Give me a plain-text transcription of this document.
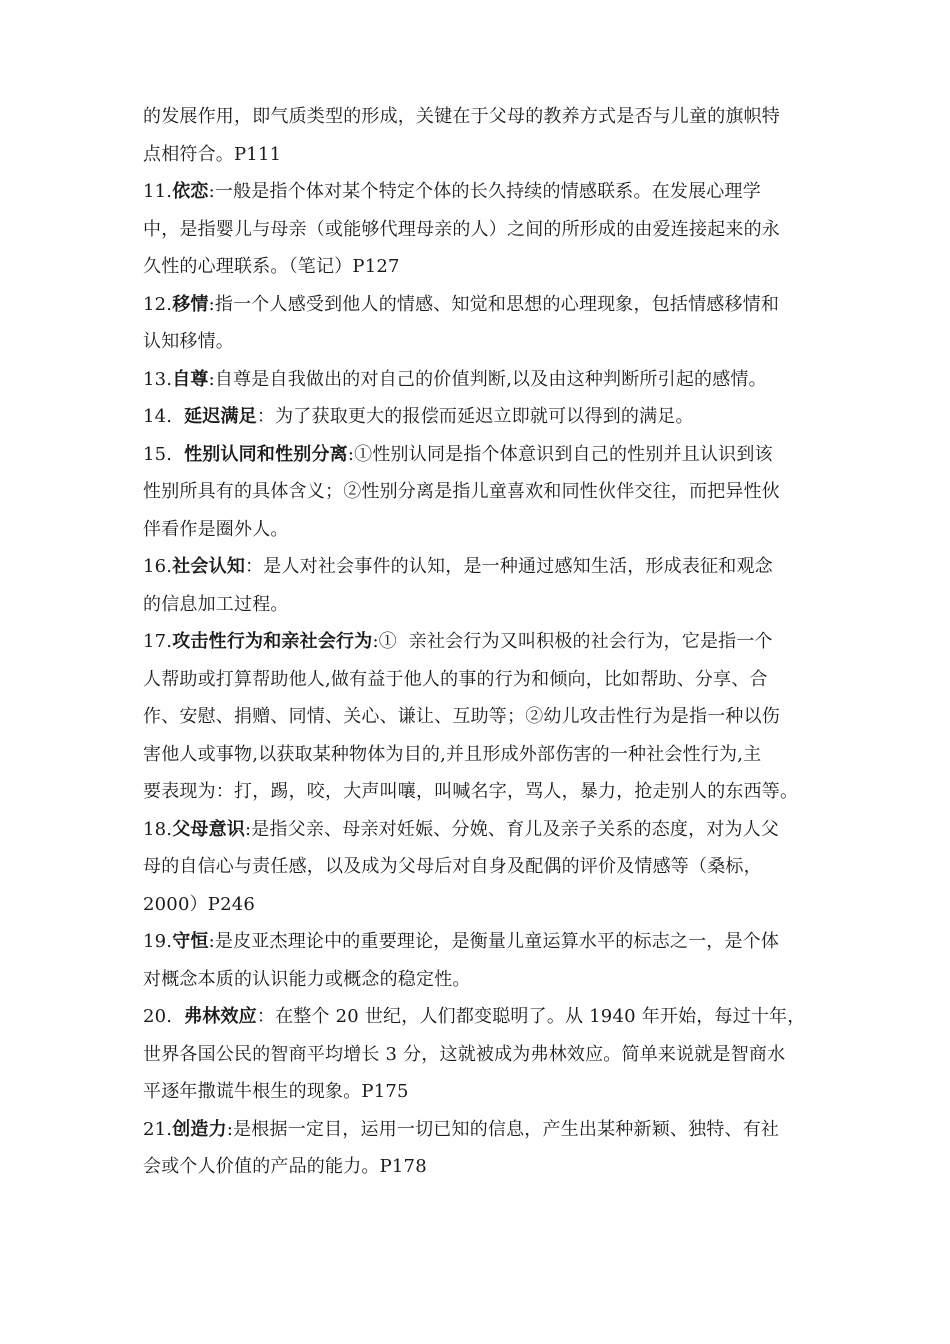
的发展作用，即气质类型的形成，关键在于父母的教养方式是否与儿童的旗帜特
点相符合。P111
11.依恋:一般是指个体对某个特定个体的长久持续的情感联系。在发展心理学
中，是指婴儿与母亲（或能够代理母亲的人）之间的所形成的由爱连接起来的永
久性的心理联系。（笔记）P127
12.移情:指一个人感受到他人的情感、知觉和思想的心理现象，包括情感移情和
认知移情。
13.自尊:自尊是自我做出的对自己的价值判断,以及由这种判断所引起的感情。
14.  延迟满足：为了获取更大的报偿而延迟立即就可以得到的满足。
15.  性别认同和性别分离:①性别认同是指个体意识到自己的性别并且认识到该
性别所具有的具体含义；②性别分离是指儿童喜欢和同性伙伴交往，而把异性伙
伴看作是圈外人。
16.社会认知：是人对社会事件的认知，是一种通过感知生活，形成表征和观念
的信息加工过程。
17.攻击性行为和亲社会行为:①  亲社会行为又叫积极的社会行为，它是指一个
人帮助或打算帮助他人,做有益于他人的事的行为和倾向，比如帮助、分享、合
作、安慰、捐赠、同情、关心、谦让、互助等；②幼儿攻击性行为是指一种以伤
害他人或事物,以获取某种物体为目的,并且形成外部伤害的一种社会性行为,主
要表现为：打，踢，咬，大声叫嚷，叫喊名字，骂人，暴力，抢走别人的东西等。
18.父母意识:是指父亲、母亲对妊娠、分娩、育儿及亲子关系的态度，对为人父
母的自信心与责任感，以及成为父母后对自身及配偶的评价及情感等（桑标，
2000）P246
19.守恒:是皮亚杰理论中的重要理论，是衡量儿童运算水平的标志之一，是个体
对概念本质的认识能力或概念的稳定性。
20.  弗林效应：在整个 20 世纪，人们都变聪明了。从 1940 年开始，每过十年，
世界各国公民的智商平均增长 3 分，这就被成为弗林效应。简单来说就是智商水
平逐年撒谎牛根生的现象。P175
21.创造力:是根据一定目，运用一切已知的信息，产生出某种新颖、独特、有社
会或个人价值的产品的能力。P178
